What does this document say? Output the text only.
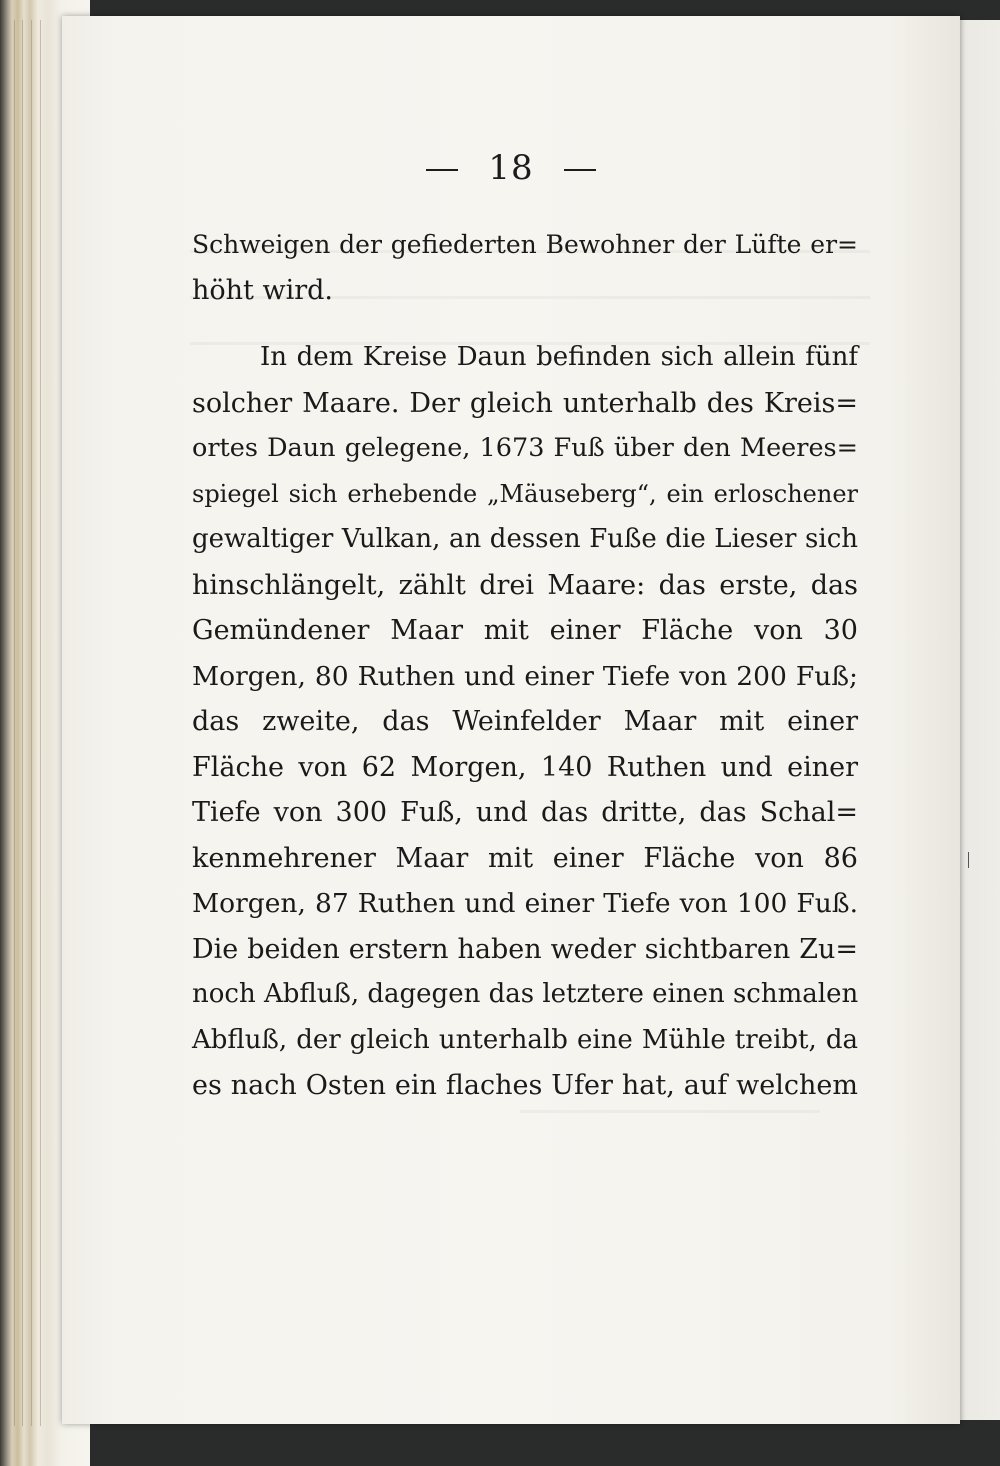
18

Schweigen der gefiederten Bewohner der Lüfte er=
höht wird.

In dem Kreise Daun befinden sich allein fünf
solcher Maare. Der gleich unterhalb des Kreis=
ortes Daun gelegene, 1673 Fuß über den Meeres=
spiegel sich erhebende „Mäuseberg“, ein erloschener
gewaltiger Vulkan, an dessen Fuße die Lieser sich
hinschlängelt, zählt drei Maare: das erste, das
Gemündener Maar mit einer Fläche von 30
Morgen, 80 Ruthen und einer Tiefe von 200 Fuß;
das zweite, das Weinfelder Maar mit einer
Fläche von 62 Morgen, 140 Ruthen und einer
Tiefe von 300 Fuß, und das dritte, das Schal=
kenmehrener Maar mit einer Fläche von 86
Morgen, 87 Ruthen und einer Tiefe von 100 Fuß.
Die beiden erstern haben weder sichtbaren Zu=
noch Abfluß, dagegen das letztere einen schmalen
Abfluß, der gleich unterhalb eine Mühle treibt, da
es nach Osten ein flaches Ufer hat, auf welchem
